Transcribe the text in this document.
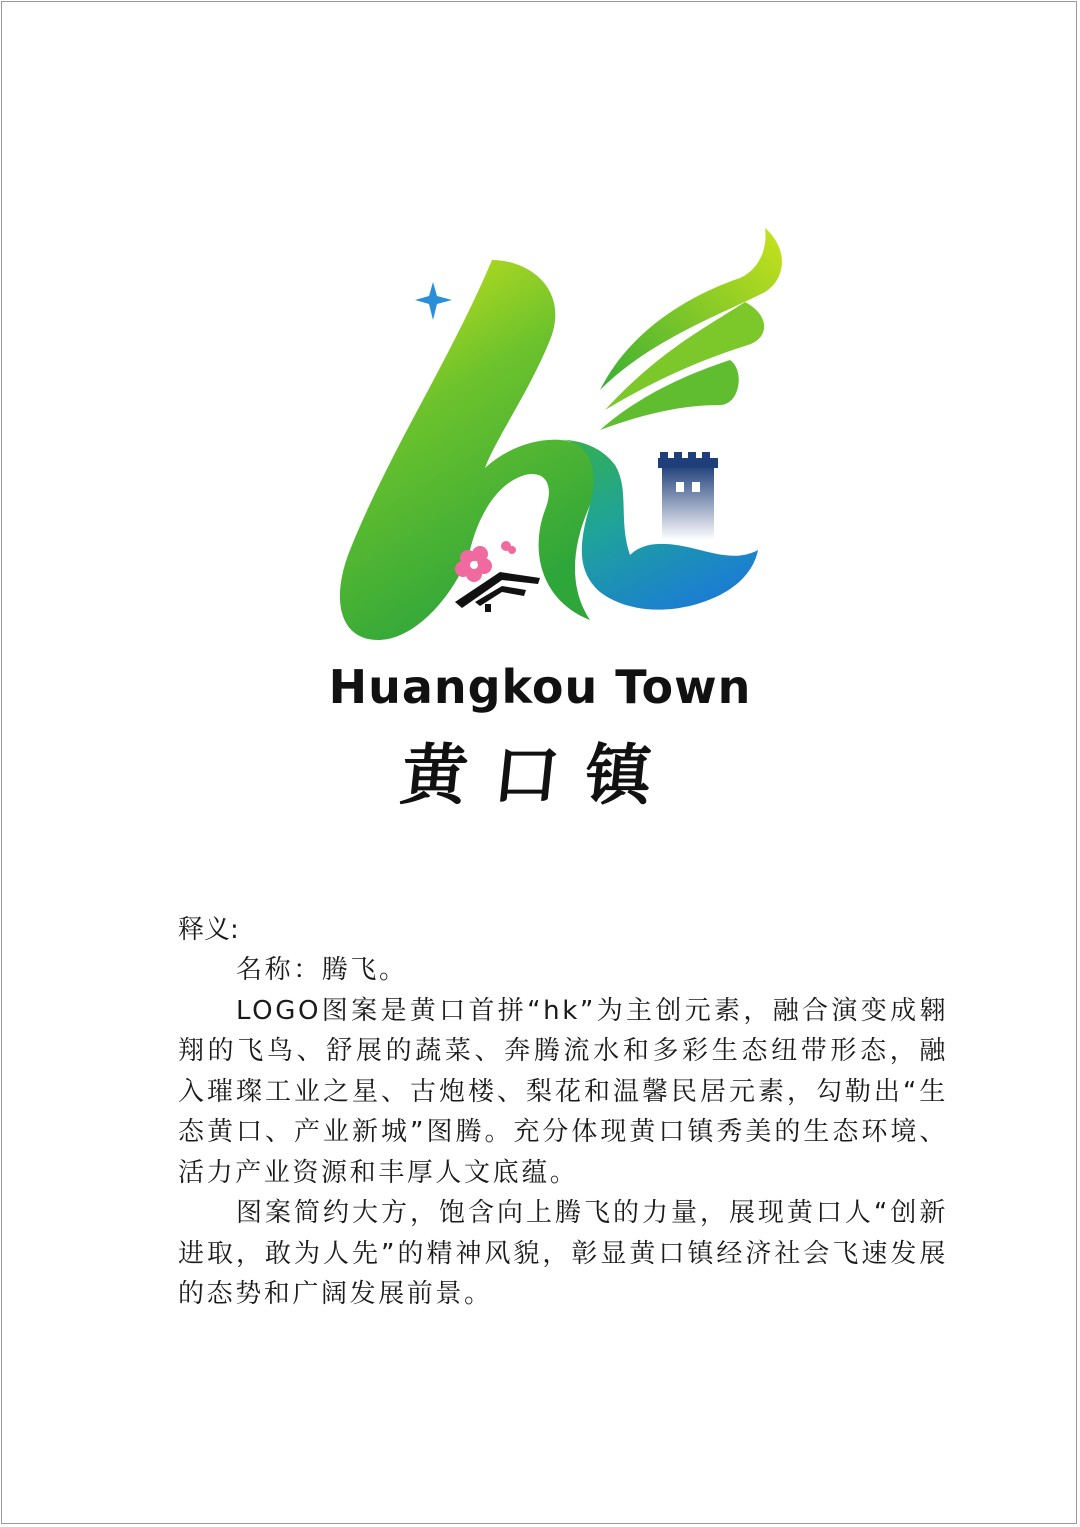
Huangkou Town
黄口镇
释义:

名称：腾飞。

LOGO图案是黄口首拼“hk”为主创元素，融合演变成翱翔的飞鸟、舒展的蔬菜、奔腾流水和多彩生态纽带形态，融入璀璨工业之星、古炮楼、梨花和温馨民居元素，勾勒出“生态黄口、产业新城”图腾。充分体现黄口镇秀美的生态环境、活力产业资源和丰厚人文底蕴。

图案简约大方，饱含向上腾飞的力量，展现黄口人“创新进取，敢为人先”的精神风貌，彰显黄口镇经济社会飞速发展的态势和广阔发展前景。
